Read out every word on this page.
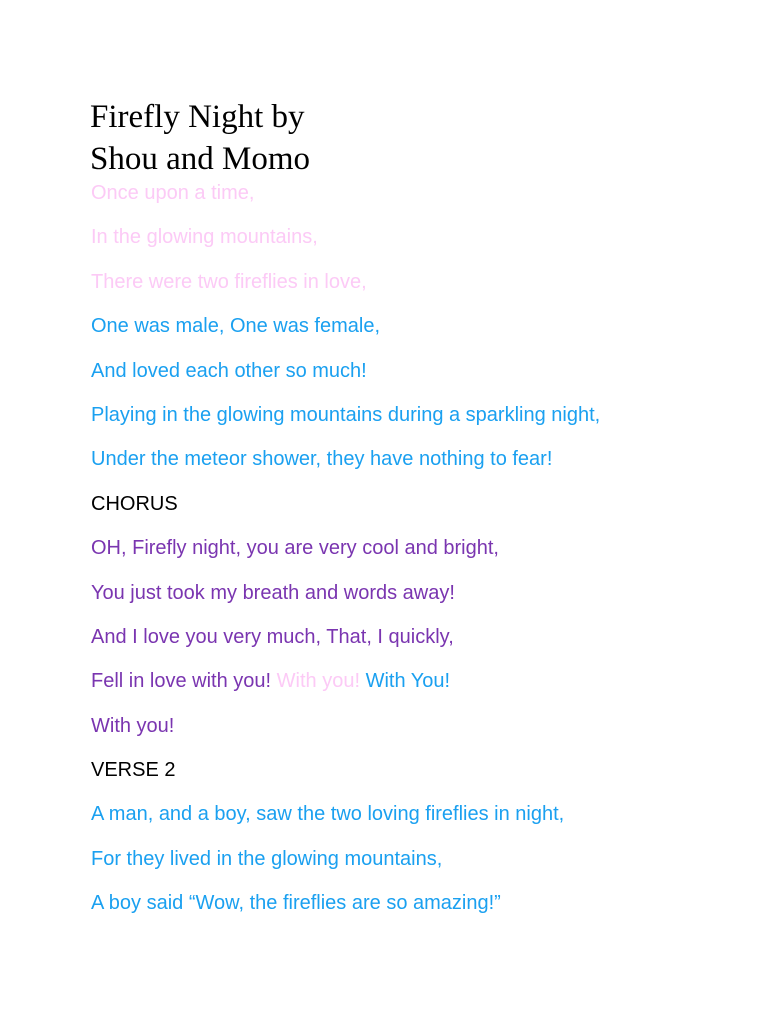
Firefly Night by
Shou and Momo
Once upon a time,
In the glowing mountains,
There were two fireflies in love,
One was male, One was female,
And loved each other so much!
Playing in the glowing mountains during a sparkling night,
Under the meteor shower, they have nothing to fear!
CHORUS
OH, Firefly night, you are very cool and bright,
You just took my breath and words away!
And I love you very much, That, I quickly,
Fell in love with you! With you! With You!
With you!
VERSE 2
A man, and a boy, saw the two loving fireflies in night,
For they lived in the glowing mountains,
A boy said “Wow, the fireflies are so amazing!”
